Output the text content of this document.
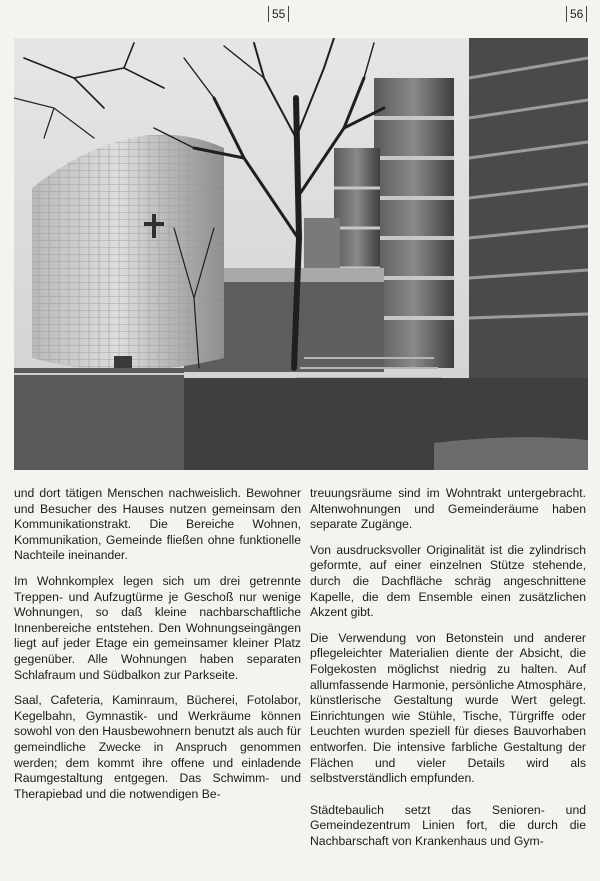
55	56

und dort tätigen Menschen nachweislich. Bewohner und Besucher des Hauses nutzen gemeinsam den Kommunikationstrakt. Die Bereiche Wohnen, Kommunikation, Gemeinde fließen ohne funktionelle Nachteile ineinander.

Im Wohnkomplex legen sich um drei getrennte Treppen- und Aufzugtürme je Geschoß nur wenige Wohnungen, so daß kleine nachbarschaftliche Innenbereiche entstehen. Den Wohnungseingängen liegt auf jeder Etage ein gemeinsamer kleiner Platz gegenüber. Alle Wohnungen haben separaten Schlafraum und Südbalkon zur Parkseite.

Saal, Cafeteria, Kaminraum, Bücherei, Fotolabor, Kegelbahn, Gymnastik- und Werkräume können sowohl von den Hausbewohnern benutzt als auch für gemeindliche Zwecke in Anspruch genommen werden; dem kommt ihre offene und einladende Raumgestaltung entgegen. Das Schwimm- und Therapiebad und die notwendigen Be-

treuungsräume sind im Wohntrakt untergebracht. Altenwohnungen und Gemeinderäume haben separate Zugänge.

Von ausdrucksvoller Originalität ist die zylindrisch geformte, auf einer einzelnen Stütze stehende, durch die Dachfläche schräg angeschnittene Kapelle, die dem Ensemble einen zusätzlichen Akzent gibt.

Die Verwendung von Betonstein und anderer pflegeleichter Materialien diente der Absicht, die Folgekosten möglichst niedrig zu halten. Auf allumfassende Harmonie, persönliche Atmosphäre, künstlerische Gestaltung wurde Wert gelegt. Einrichtungen wie Stühle, Tische, Türgriffe oder Leuchten wurden speziell für dieses Bauvorhaben entworfen. Die intensive farbliche Gestaltung der Flächen und vieler Details wird als selbstverständlich empfunden.

Städtebaulich setzt das Senioren- und Gemeindezentrum Linien fort, die durch die Nachbarschaft von Krankenhaus und Gym-
